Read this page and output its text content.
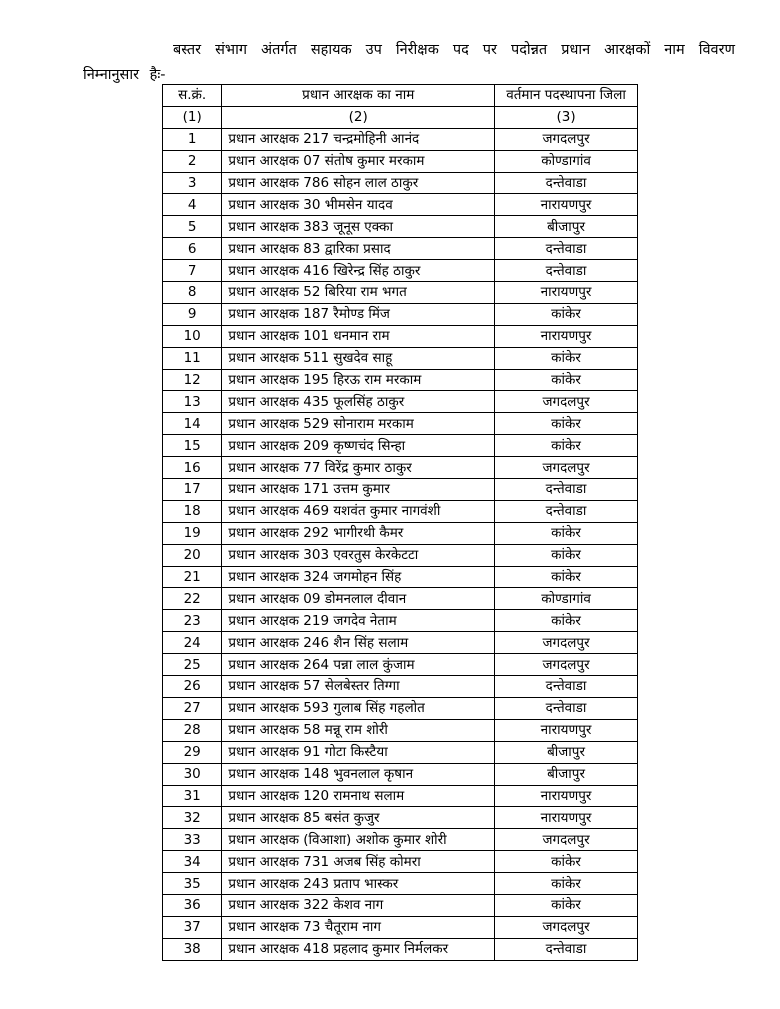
बस्तर संभाग अंतर्गत सहायक उप निरीक्षक पद पर पदोन्नत प्रधान आरक्षकों नाम विवरण निम्नानुसार हैः-
स.क्रं.	प्रधान आरक्षक का नाम	वर्तमान पदस्थापना जिला
(1)	(2)	(3)
1	प्रधान आरक्षक 217 चन्द्रमोहिनी आनंद	जगदलपुर
2	प्रधान आरक्षक 07 संतोष कुमार मरकाम	कोण्डागांव
3	प्रधान आरक्षक 786 सोहन लाल ठाकुर	दन्तेवाडा
4	प्रधान आरक्षक 30 भीमसेन यादव	नारायणपुर
5	प्रधान आरक्षक 383 जूनूस एक्का	बीजापुर
6	प्रधान आरक्षक 83 द्वारिका प्रसाद	दन्तेवाडा
7	प्रधान आरक्षक 416 खिरेन्द्र सिंह ठाकुर	दन्तेवाडा
8	प्रधान आरक्षक 52 बिरिया राम भगत	नारायणपुर
9	प्रधान आरक्षक 187 रैमोण्ड मिंज	कांकेर
10	प्रधान आरक्षक 101 धनमान राम	नारायणपुर
11	प्रधान आरक्षक 511 सुखदेव साहू	कांकेर
12	प्रधान आरक्षक 195 हिरऊ राम मरकाम	कांकेर
13	प्रधान आरक्षक 435 फूलसिंह ठाकुर	जगदलपुर
14	प्रधान आरक्षक 529 सोनाराम मरकाम	कांकेर
15	प्रधान आरक्षक 209 कृष्णचंद सिन्हा	कांकेर
16	प्रधान आरक्षक 77 विरेंद्र कुमार ठाकुर	जगदलपुर
17	प्रधान आरक्षक 171 उत्तम कुमार	दन्तेवाडा
18	प्रधान आरक्षक 469 यशवंत कुमार नागवंशी	दन्तेवाडा
19	प्रधान आरक्षक 292 भागीरथी कैमर	कांकेर
20	प्रधान आरक्षक 303 एवरतुस केरकेटटा	कांकेर
21	प्रधान आरक्षक 324 जगमोहन सिंह	कांकेर
22	प्रधान आरक्षक 09 डोमनलाल दीवान	कोण्डागांव
23	प्रधान आरक्षक 219 जगदेव नेताम	कांकेर
24	प्रधान आरक्षक 246 शैन सिंह सलाम	जगदलपुर
25	प्रधान आरक्षक 264 पन्ना लाल कुंजाम	जगदलपुर
26	प्रधान आरक्षक 57 सेलबेस्तर तिग्गा	दन्तेवाडा
27	प्रधान आरक्षक 593 गुलाब सिंह गहलोत	दन्तेवाडा
28	प्रधान आरक्षक 58 मन्नू राम शोरी	नारायणपुर
29	प्रधान आरक्षक 91 गोटा किस्टैया	बीजापुर
30	प्रधान आरक्षक 148 भुवनलाल कृषान	बीजापुर
31	प्रधान आरक्षक 120 रामनाथ सलाम	नारायणपुर
32	प्रधान आरक्षक 85 बसंत कुजुर	नारायणपुर
33	प्रधान आरक्षक (विआशा) अशोक कुमार शोरी	जगदलपुर
34	प्रधान आरक्षक 731 अजब सिंह कोमरा	कांकेर
35	प्रधान आरक्षक 243 प्रताप भास्कर	कांकेर
36	प्रधान आरक्षक 322 केशव नाग	कांकेर
37	प्रधान आरक्षक 73 चैतूराम नाग	जगदलपुर
38	प्रधान आरक्षक 418 प्रहलाद कुमार निर्मलकर	दन्तेवाडा
